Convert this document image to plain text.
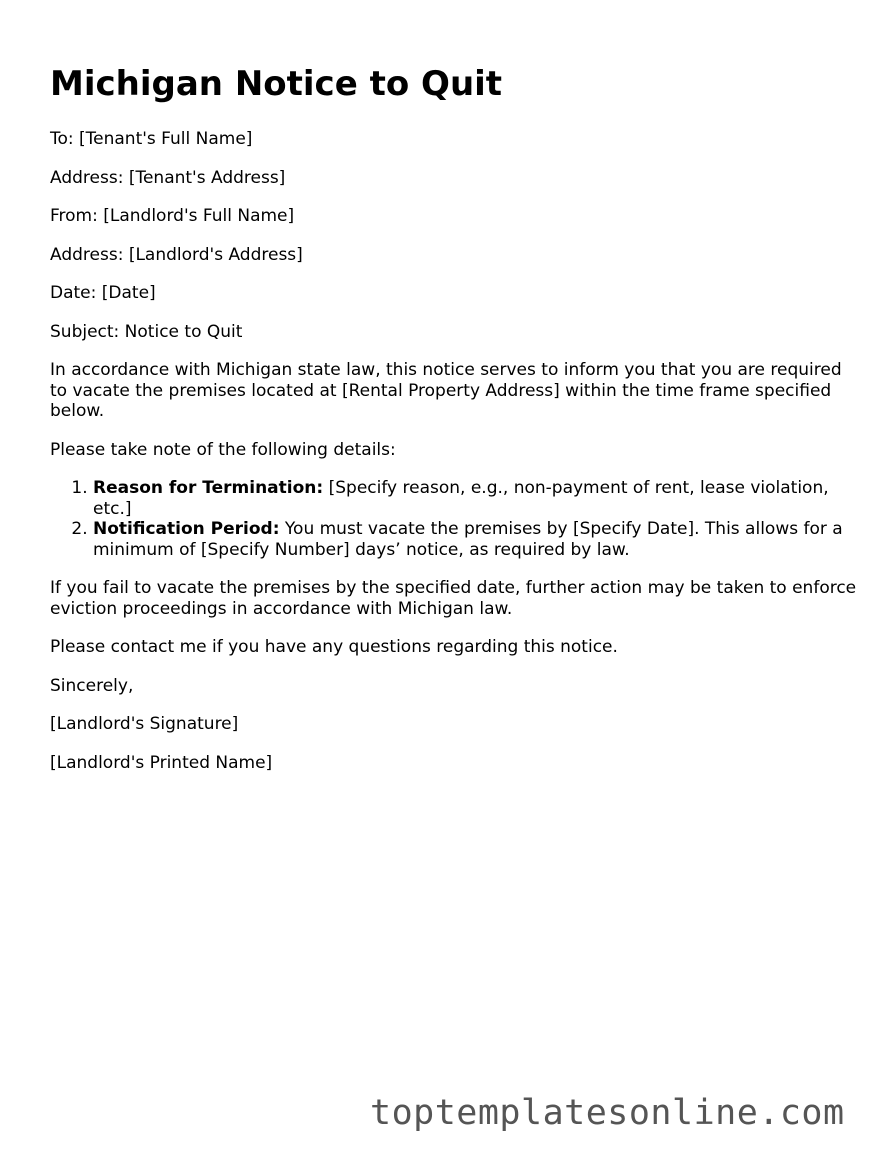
Michigan Notice to Quit

To: [Tenant's Full Name]

Address: [Tenant's Address]

From: [Landlord's Full Name]

Address: [Landlord's Address]

Date: [Date]

Subject: Notice to Quit

In accordance with Michigan state law, this notice serves to inform you that you are required to vacate the premises located at [Rental Property Address] within the time frame specified below.

Please take note of the following details:

1. Reason for Termination: [Specify reason, e.g., non-payment of rent, lease violation, etc.]
2. Notification Period: You must vacate the premises by [Specify Date]. This allows for a minimum of [Specify Number] days’ notice, as required by law.

If you fail to vacate the premises by the specified date, further action may be taken to enforce eviction proceedings in accordance with Michigan law.

Please contact me if you have any questions regarding this notice.

Sincerely,

[Landlord's Signature]

[Landlord's Printed Name]

toptemplatesonline.com
